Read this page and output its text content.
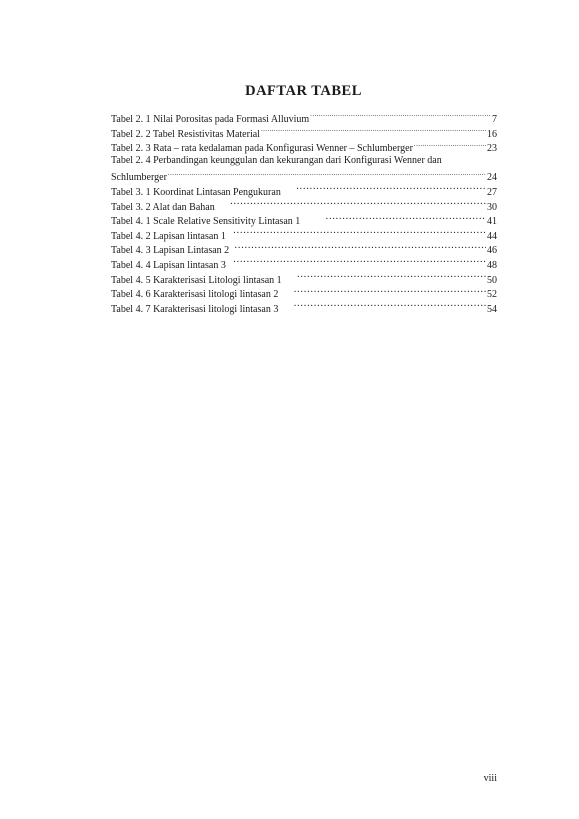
DAFTAR TABEL
Tabel 2. 1 Nilai Porositas pada Formasi Alluvium .....	7
Tabel 2. 2 Tabel Resistivitas Material .....	16
Tabel 2. 3 Rata – rata kedalaman pada Konfigurasi Wenner – Schlumberger .....	23
Tabel 2. 4 Perbandingan keunggulan dan kekurangan dari Konfigurasi Wenner dan
Schlumberger .....	24
Tabel 3. 1 Koordinat Lintasan Pengukuran ……………………………………………………………………………………………………………………………………………	27
Tabel 3. 2 Alat dan Bahan ……………………………………………………………………………………………………………………………………………	30
Tabel 4. 1 Scale Relative Sensitivity Lintasan 1 ……………………………………………………………………………………………………………………………………………	41
Tabel 4. 2 Lapisan lintasan 1 ……………………………………………………………………………………………………………………………………………	44
Tabel 4. 3 Lapisan Lintasan 2 ……………………………………………………………………………………………………………………………………………	46
Tabel 4. 4 Lapisan lintasan 3 ……………………………………………………………………………………………………………………………………………	48
Tabel 4. 5 Karakterisasi Litologi lintasan 1 ……………………………………………………………………………………………………………………………………………	50
Tabel 4. 6 Karakterisasi litologi lintasan 2 ……………………………………………………………………………………………………………………………………………	52
Tabel 4. 7 Karakterisasi litologi lintasan 3 ……………………………………………………………………………………………………………………………………………	54
viii
